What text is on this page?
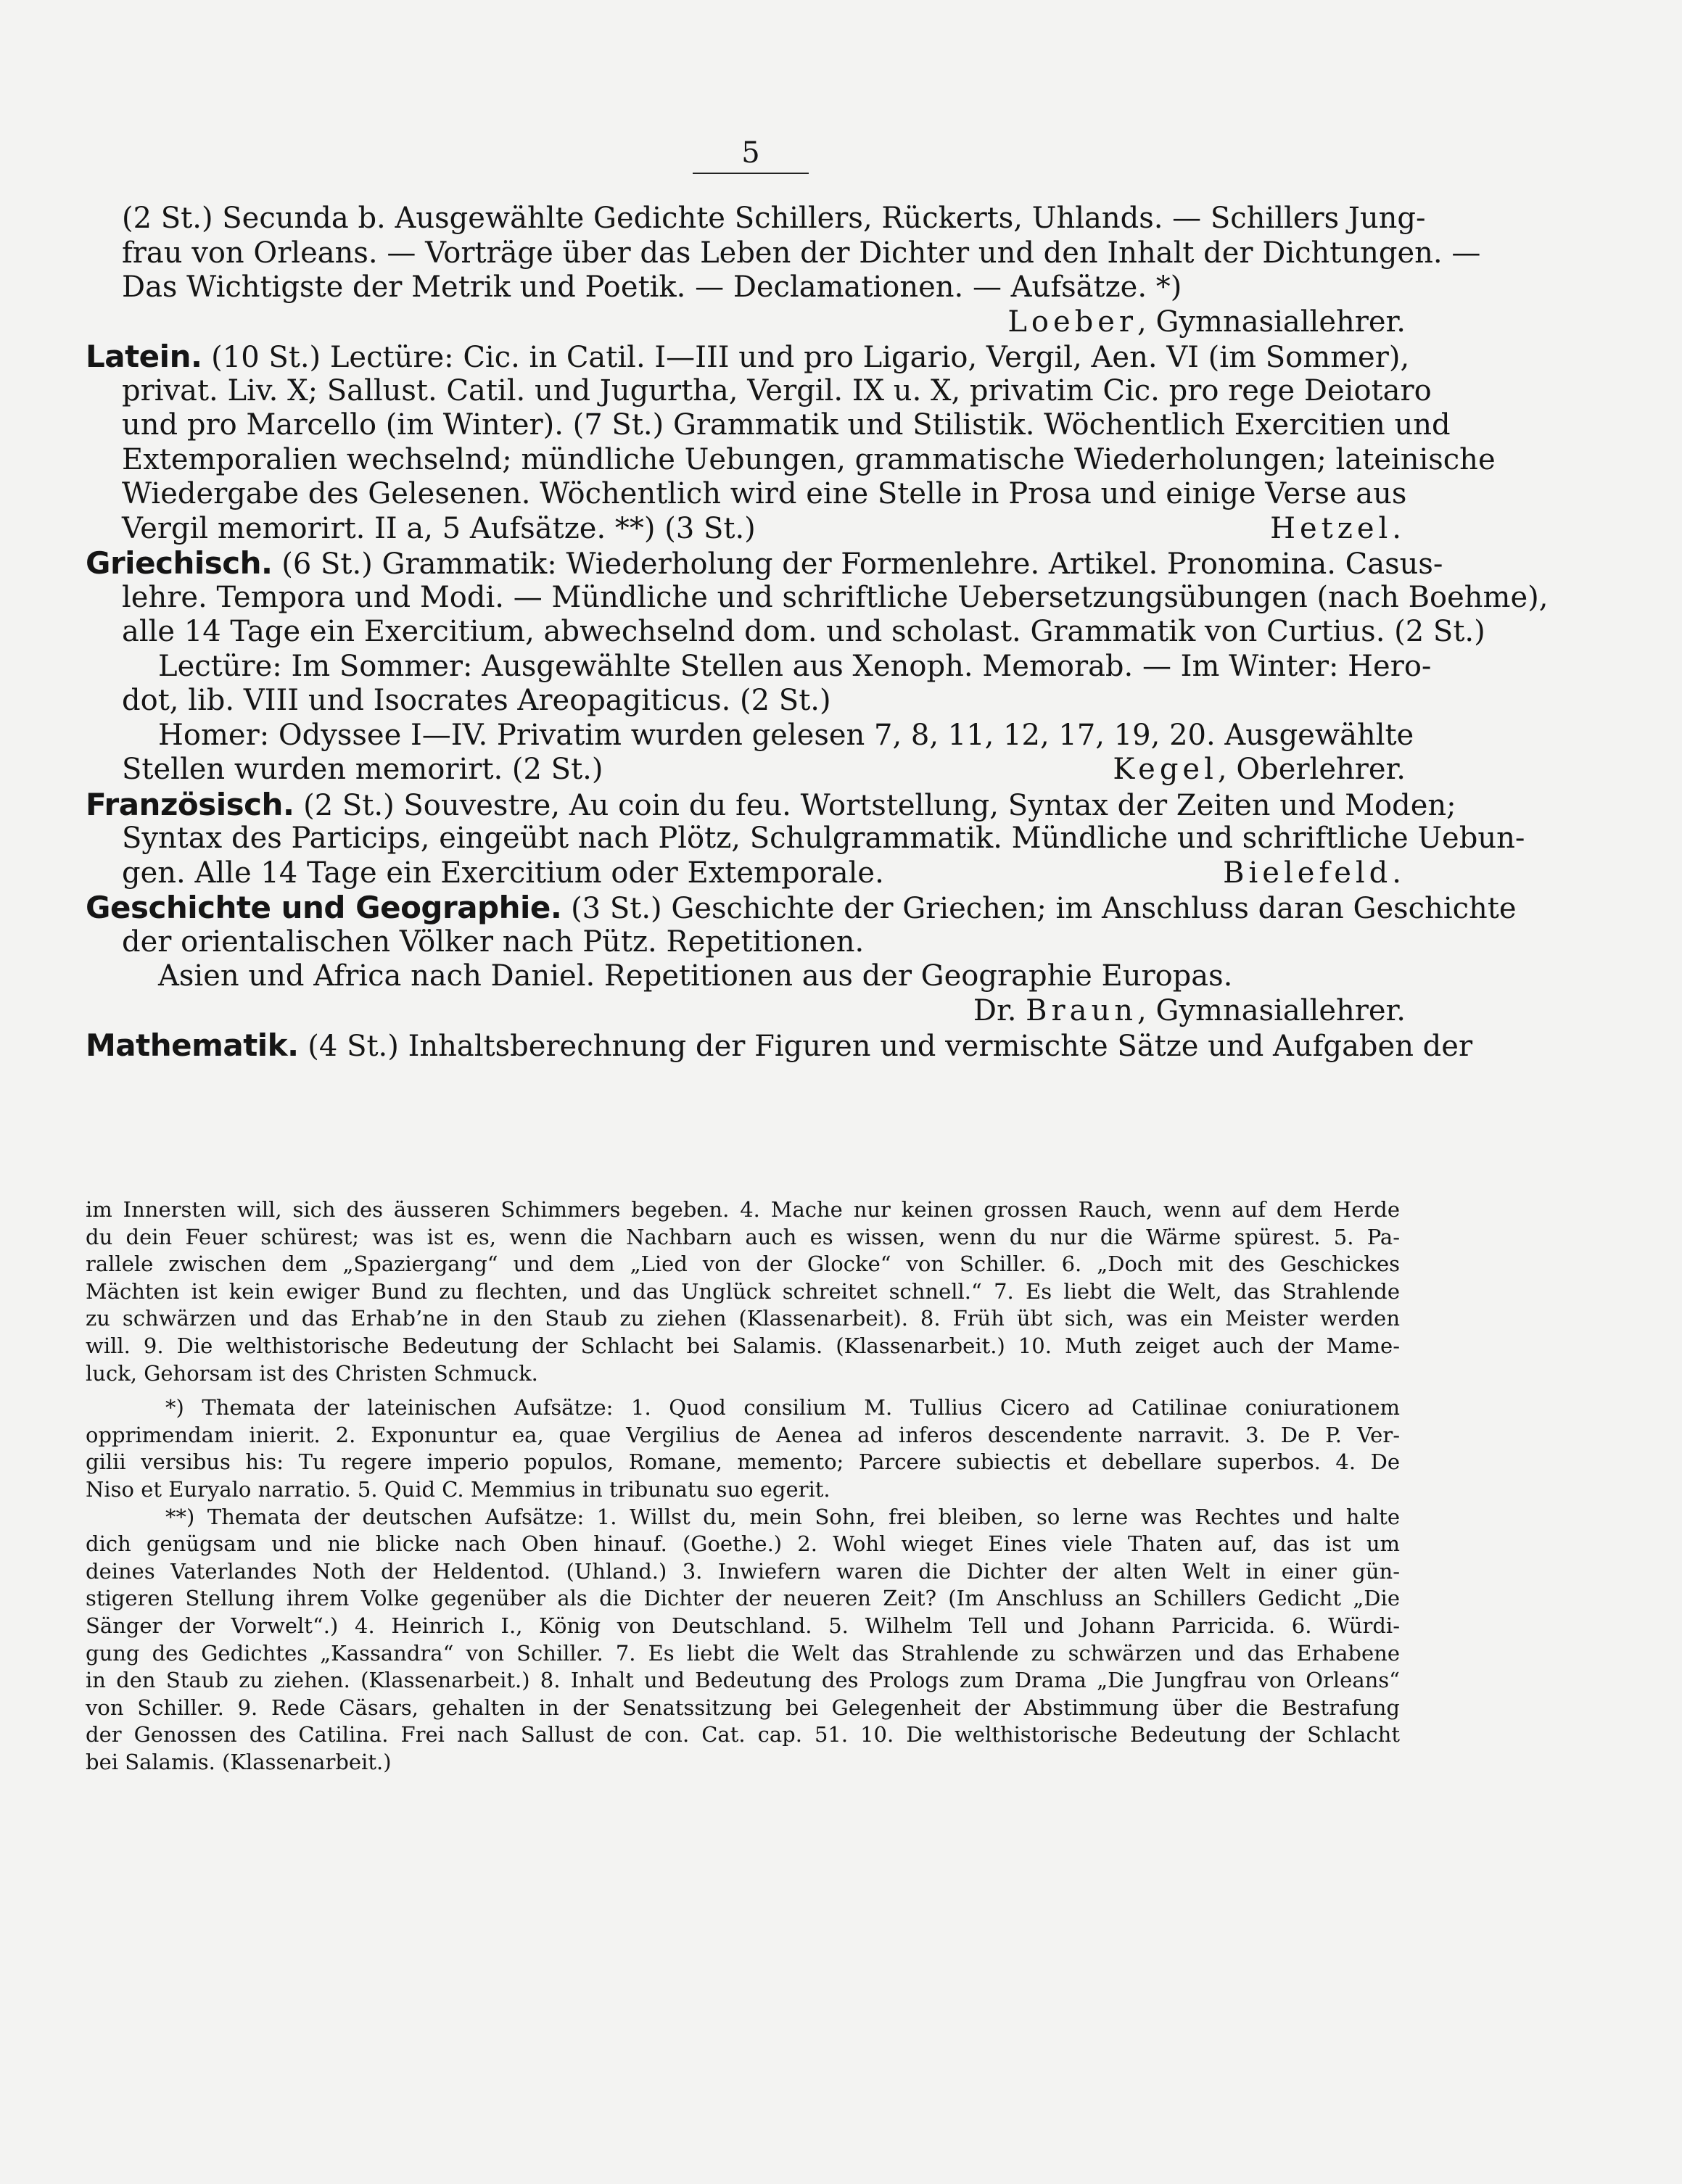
5
(2 St.) Secunda b. Ausgewählte Gedichte Schillers, Rückerts, Uhlands. — Schillers Jung-
frau von Orleans. — Vorträge über das Leben der Dichter und den Inhalt der Dichtungen. —
Das Wichtigste der Metrik und Poetik. — Declamationen. — Aufsätze. *)
Loeber, Gymnasiallehrer.
Latein. (10 St.) Lectüre: Cic. in Catil. I—III und pro Ligario, Vergil, Aen. VI (im Sommer),
privat. Liv. X; Sallust. Catil. und Jugurtha, Vergil. IX u. X, privatim Cic. pro rege Deiotaro
und pro Marcello (im Winter). (7 St.) Grammatik und Stilistik. Wöchentlich Exercitien und
Extemporalien wechselnd; mündliche Uebungen, grammatische Wiederholungen; lateinische
Wiedergabe des Gelesenen. Wöchentlich wird eine Stelle in Prosa und einige Verse aus
Vergil memorirt. II a, 5 Aufsätze. **) (3 St.)	Hetzel.
Griechisch. (6 St.) Grammatik: Wiederholung der Formenlehre. Artikel. Pronomina. Casus-
lehre. Tempora und Modi. — Mündliche und schriftliche Uebersetzungsübungen (nach Boehme),
alle 14 Tage ein Exercitium, abwechselnd dom. und scholast. Grammatik von Curtius. (2 St.)
Lectüre: Im Sommer: Ausgewählte Stellen aus Xenoph. Memorab. — Im Winter: Hero-
dot, lib. VIII und Isocrates Areopagiticus. (2 St.)
Homer: Odyssee I—IV. Privatim wurden gelesen 7, 8, 11, 12, 17, 19, 20. Ausgewählte
Stellen wurden memorirt. (2 St.)	Kegel, Oberlehrer.
Französisch. (2 St.) Souvestre, Au coin du feu. Wortstellung, Syntax der Zeiten und Moden;
Syntax des Particips, eingeübt nach Plötz, Schulgrammatik. Mündliche und schriftliche Uebun-
gen. Alle 14 Tage ein Exercitium oder Extemporale.	Bielefeld.
Geschichte und Geographie. (3 St.) Geschichte der Griechen; im Anschluss daran Geschichte
der orientalischen Völker nach Pütz. Repetitionen.
Asien und Africa nach Daniel. Repetitionen aus der Geographie Europas.
Dr. Braun, Gymnasiallehrer.
Mathematik. (4 St.) Inhaltsberechnung der Figuren und vermischte Sätze und Aufgaben der
im Innersten will, sich des äusseren Schimmers begeben. 4. Mache nur keinen grossen Rauch, wenn auf dem Herde
du dein Feuer schürest; was ist es, wenn die Nachbarn auch es wissen, wenn du nur die Wärme spürest. 5. Pa-
rallele zwischen dem „Spaziergang“ und dem „Lied von der Glocke“ von Schiller. 6. „Doch mit des Geschickes
Mächten ist kein ewiger Bund zu flechten, und das Unglück schreitet schnell.“ 7. Es liebt die Welt, das Strahlende
zu schwärzen und das Erhab’ne in den Staub zu ziehen (Klassenarbeit). 8. Früh übt sich, was ein Meister werden
will. 9. Die welthistorische Bedeutung der Schlacht bei Salamis. (Klassenarbeit.) 10. Muth zeiget auch der Mame-
luck, Gehorsam ist des Christen Schmuck.
*) Themata der lateinischen Aufsätze: 1. Quod consilium M. Tullius Cicero ad Catilinae coniurationem
opprimendam inierit. 2. Exponuntur ea, quae Vergilius de Aenea ad inferos descendente narravit. 3. De P. Ver-
gilii versibus his: Tu regere imperio populos, Romane, memento; Parcere subiectis et debellare superbos. 4. De
Niso et Euryalo narratio. 5. Quid C. Memmius in tribunatu suo egerit.
**) Themata der deutschen Aufsätze: 1. Willst du, mein Sohn, frei bleiben, so lerne was Rechtes und halte
dich genügsam und nie blicke nach Oben hinauf. (Goethe.) 2. Wohl wieget Eines viele Thaten auf, das ist um
deines Vaterlandes Noth der Heldentod. (Uhland.) 3. Inwiefern waren die Dichter der alten Welt in einer gün-
stigeren Stellung ihrem Volke gegenüber als die Dichter der neueren Zeit? (Im Anschluss an Schillers Gedicht „Die
Sänger der Vorwelt“.) 4. Heinrich I., König von Deutschland. 5. Wilhelm Tell und Johann Parricida. 6. Würdi-
gung des Gedichtes „Kassandra“ von Schiller. 7. Es liebt die Welt das Strahlende zu schwärzen und das Erhabene
in den Staub zu ziehen. (Klassenarbeit.) 8. Inhalt und Bedeutung des Prologs zum Drama „Die Jungfrau von Orleans“
von Schiller. 9. Rede Cäsars, gehalten in der Senatssitzung bei Gelegenheit der Abstimmung über die Bestrafung
der Genossen des Catilina. Frei nach Sallust de con. Cat. cap. 51. 10. Die welthistorische Bedeutung der Schlacht
bei Salamis. (Klassenarbeit.)
